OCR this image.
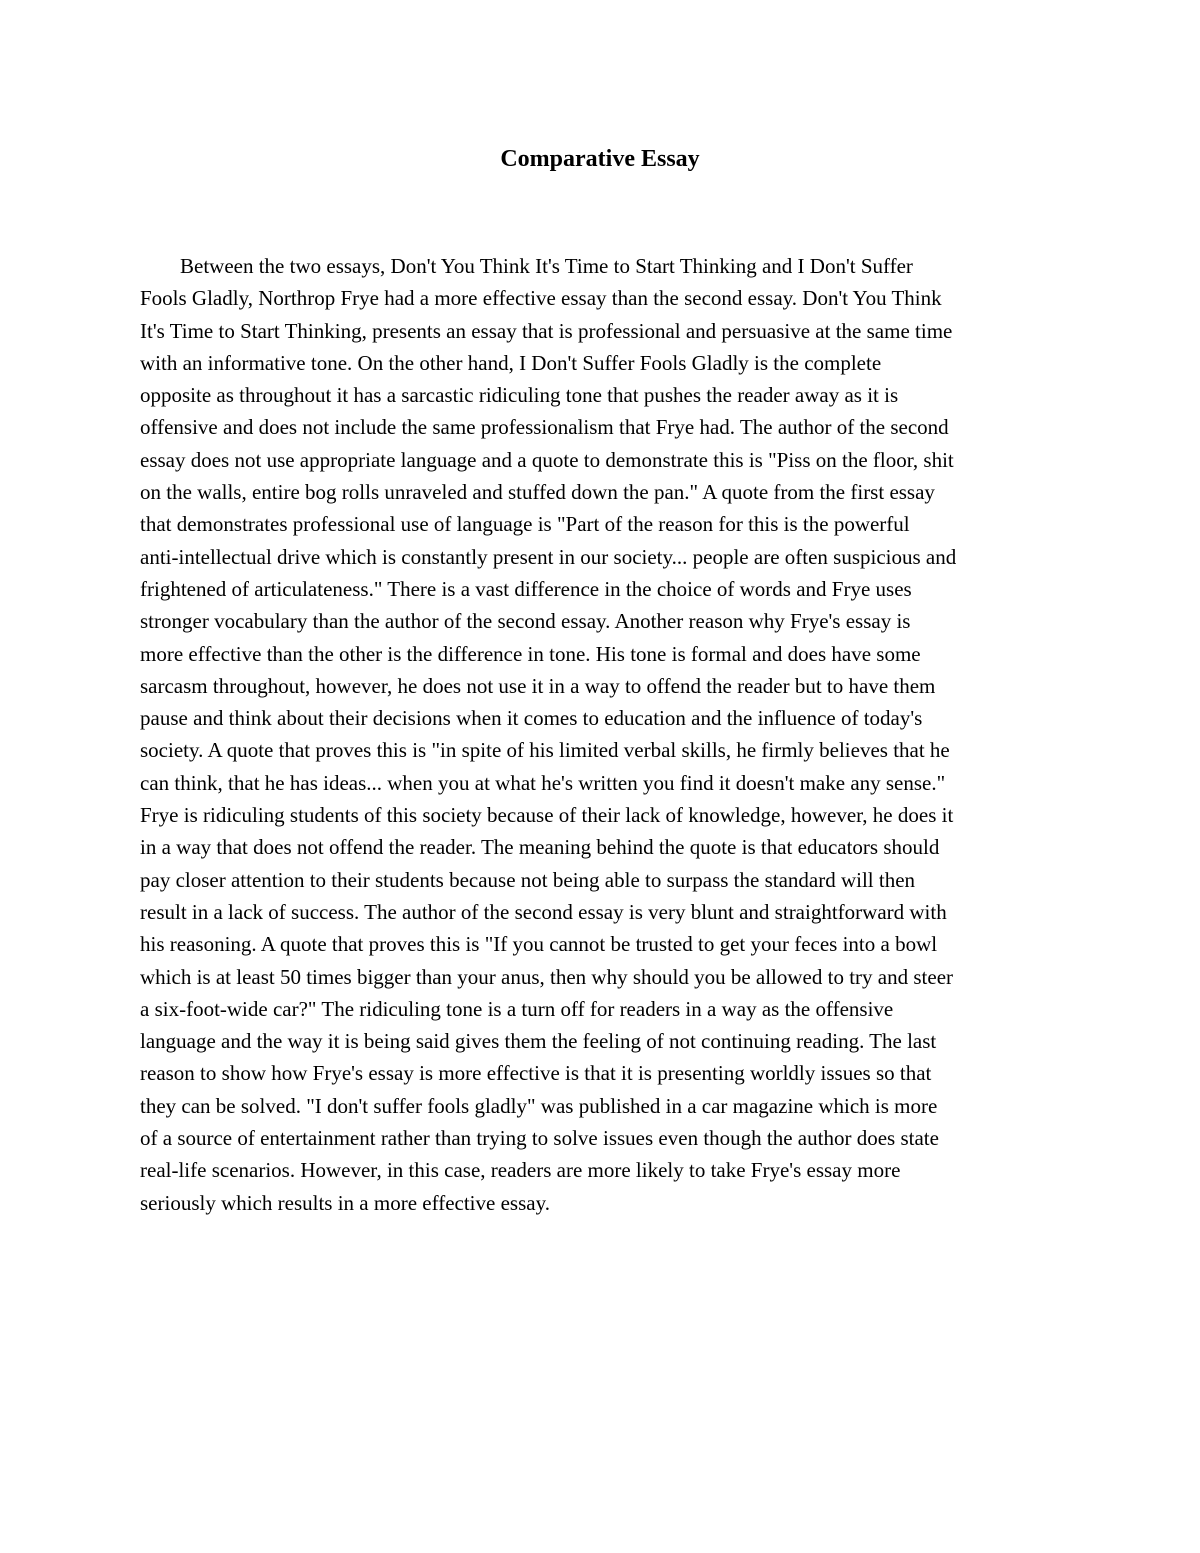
Comparative Essay
Between the two essays, Don't You Think It's Time to Start Thinking and I Don't Suffer
Fools Gladly, Northrop Frye had a more effective essay than the second essay. Don't You Think
It's Time to Start Thinking, presents an essay that is professional and persuasive at the same time
with an informative tone. On the other hand, I Don't Suffer Fools Gladly is the complete
opposite as throughout it has a sarcastic ridiculing tone that pushes the reader away as it is
offensive and does not include the same professionalism that Frye had. The author of the second
essay does not use appropriate language and a quote to demonstrate this is "Piss on the floor, shit
on the walls, entire bog rolls unraveled and stuffed down the pan." A quote from the first essay
that demonstrates professional use of language is "Part of the reason for this is the powerful
anti-intellectual drive which is constantly present in our society... people are often suspicious and
frightened of articulateness." There is a vast difference in the choice of words and Frye uses
stronger vocabulary than the author of the second essay. Another reason why Frye's essay is
more effective than the other is the difference in tone. His tone is formal and does have some
sarcasm throughout, however, he does not use it in a way to offend the reader but to have them
pause and think about their decisions when it comes to education and the influence of today's
society. A quote that proves this is "in spite of his limited verbal skills, he firmly believes that he
can think, that he has ideas... when you at what he's written you find it doesn't make any sense."
Frye is ridiculing students of this society because of their lack of knowledge, however, he does it
in a way that does not offend the reader. The meaning behind the quote is that educators should
pay closer attention to their students because not being able to surpass the standard will then
result in a lack of success. The author of the second essay is very blunt and straightforward with
his reasoning. A quote that proves this is "If you cannot be trusted to get your feces into a bowl
which is at least 50 times bigger than your anus, then why should you be allowed to try and steer
a six-foot-wide car?" The ridiculing tone is a turn off for readers in a way as the offensive
language and the way it is being said gives them the feeling of not continuing reading. The last
reason to show how Frye's essay is more effective is that it is presenting worldly issues so that
they can be solved. "I don't suffer fools gladly" was published in a car magazine which is more
of a source of entertainment rather than trying to solve issues even though the author does state
real-life scenarios. However, in this case, readers are more likely to take Frye's essay more
seriously which results in a more effective essay.
